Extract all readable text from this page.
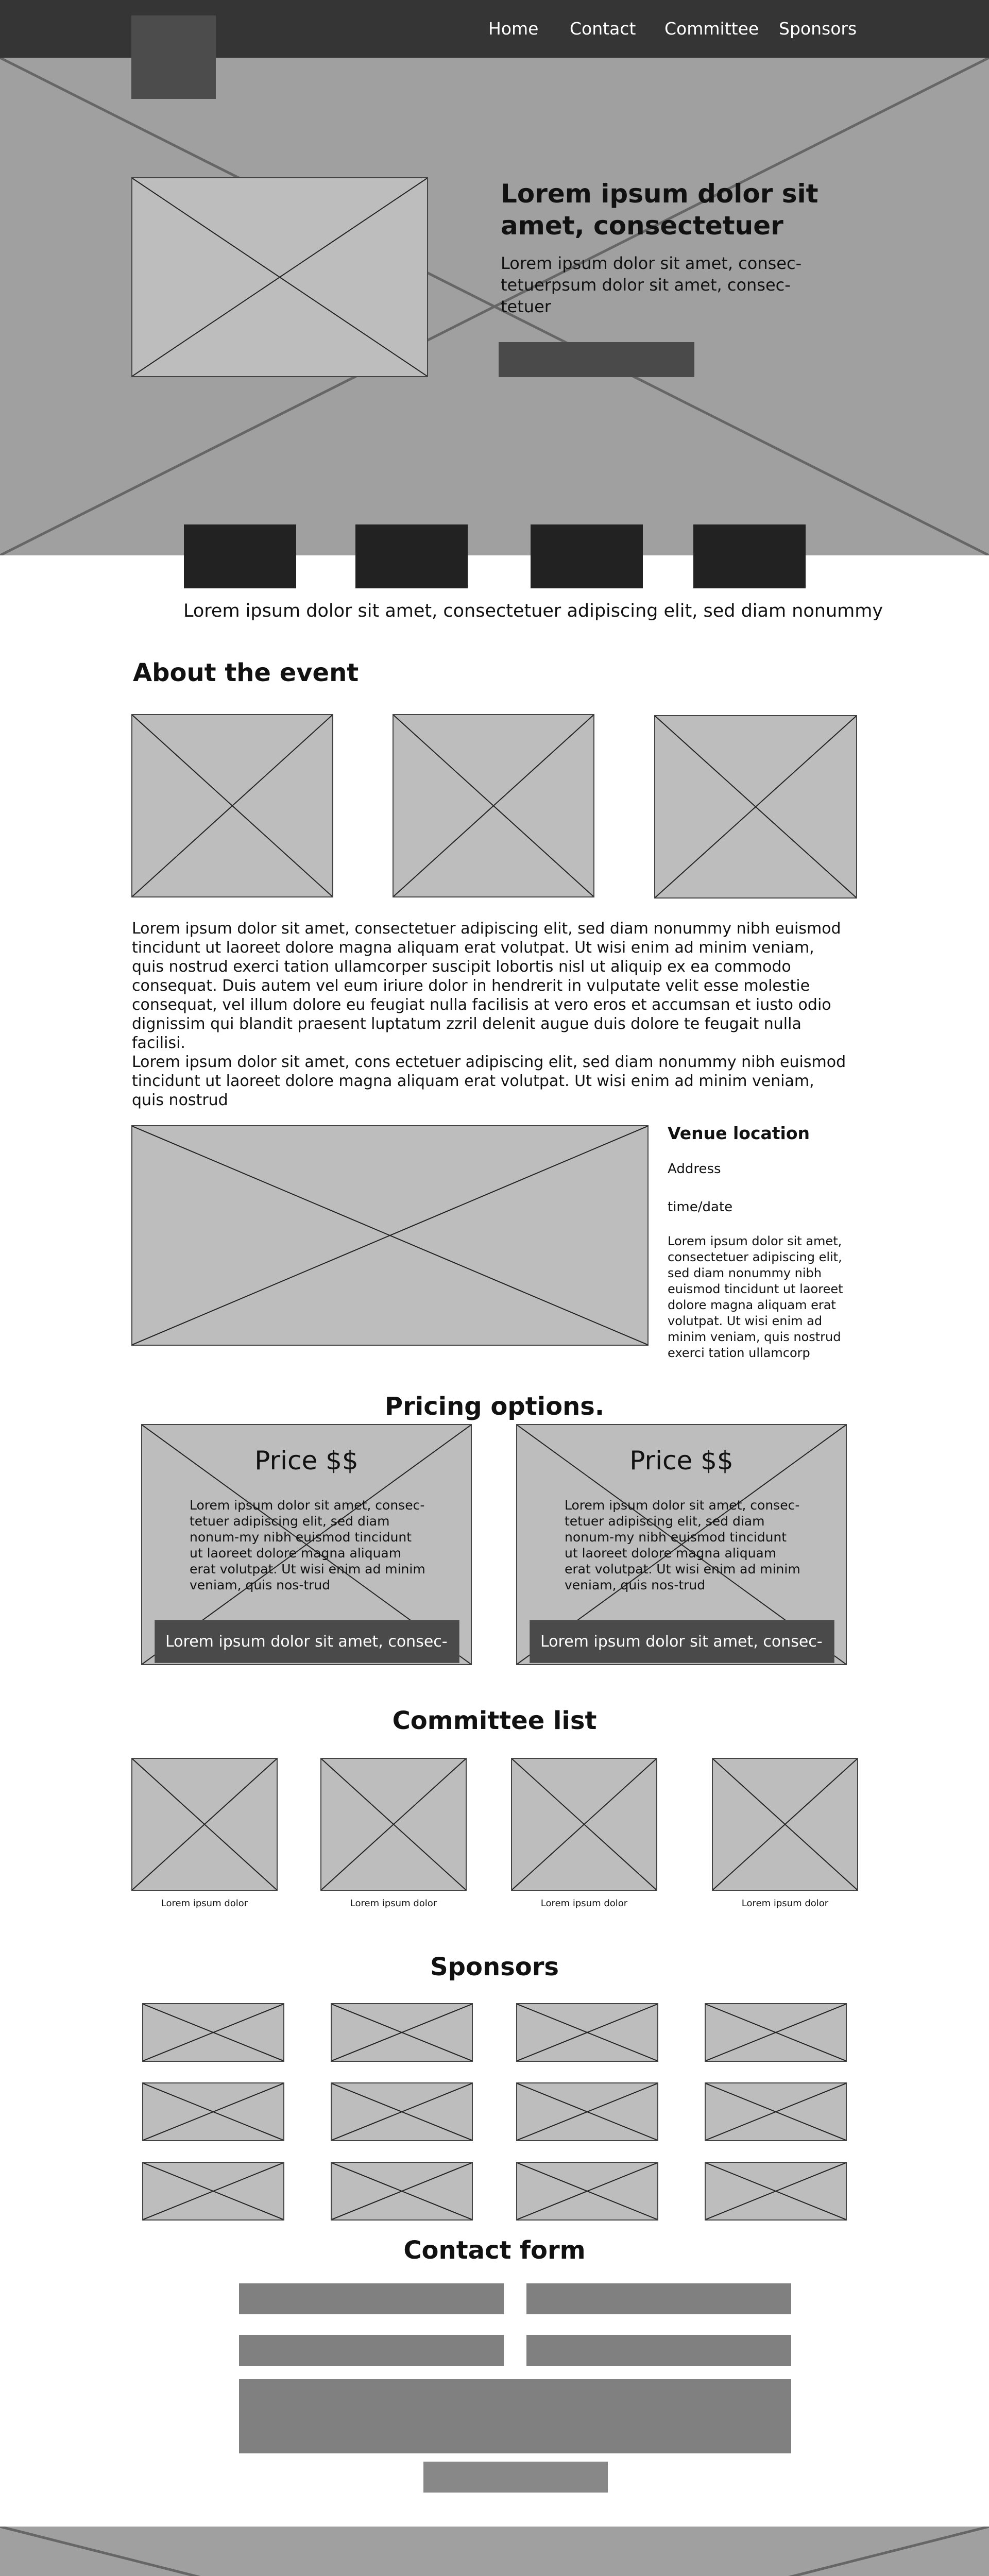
Home Contact Committee Sponsors
Lorem ipsum dolor sit amet, consectetuer

Lorem ipsum dolor sit amet, consec-tetuerpsum dolor sit amet, consec-tetuer

Lorem ipsum dolor sit amet, consectetuer adipiscing elit, sed diam nonummy

About the event

Lorem ipsum dolor sit amet, consectetuer adipiscing elit, sed diam nonummy nibh euismod tincidunt ut laoreet dolore magna aliquam erat volutpat. Ut wisi enim ad minim veniam, quis nostrud exerci tation ullamcorper suscipit lobortis nisl ut aliquip ex ea commodo consequat. Duis autem vel eum iriure dolor in hendrerit in vulputate velit esse molestie consequat, vel illum dolore eu feugiat nulla facilisis at vero eros et accumsan et iusto odio dignissim qui blandit praesent luptatum zzril delenit augue duis dolore te feugait nulla facilisi.

Lorem ipsum dolor sit amet, cons ectetuer adipiscing elit, sed diam nonummy nibh euismod tincidunt ut laoreet dolore magna aliquam erat volutpat. Ut wisi enim ad minim veniam, quis nostrud

Venue location

Address

time/date

Lorem ipsum dolor sit amet, consectetuer adipiscing elit, sed diam nonummy nibh euismod tincidunt ut laoreet dolore magna aliquam erat volutpat. Ut wisi enim ad minim veniam, quis nostrud exerci tation ullamcorp

Pricing options.
Price $$

Lorem ipsum dolor sit amet, consec-tetuer adipiscing elit, sed diam nonum-my nibh euismod tincidunt ut laoreet dolore magna aliquam erat volutpat. Ut wisi enim ad minim veniam, quis nos-trud

Lorem ipsum dolor sit amet, consec-
Price $$

Lorem ipsum dolor sit amet, consec-tetuer adipiscing elit, sed diam nonum-my nibh euismod tincidunt ut laoreet dolore magna aliquam erat volutpat. Ut wisi enim ad minim veniam, quis nos-trud

Lorem ipsum dolor sit amet, consec-
Committee list
Lorem ipsum dolor	Lorem ipsum dolor	Lorem ipsum dolor	Lorem ipsum dolor
Sponsors
Contact form
